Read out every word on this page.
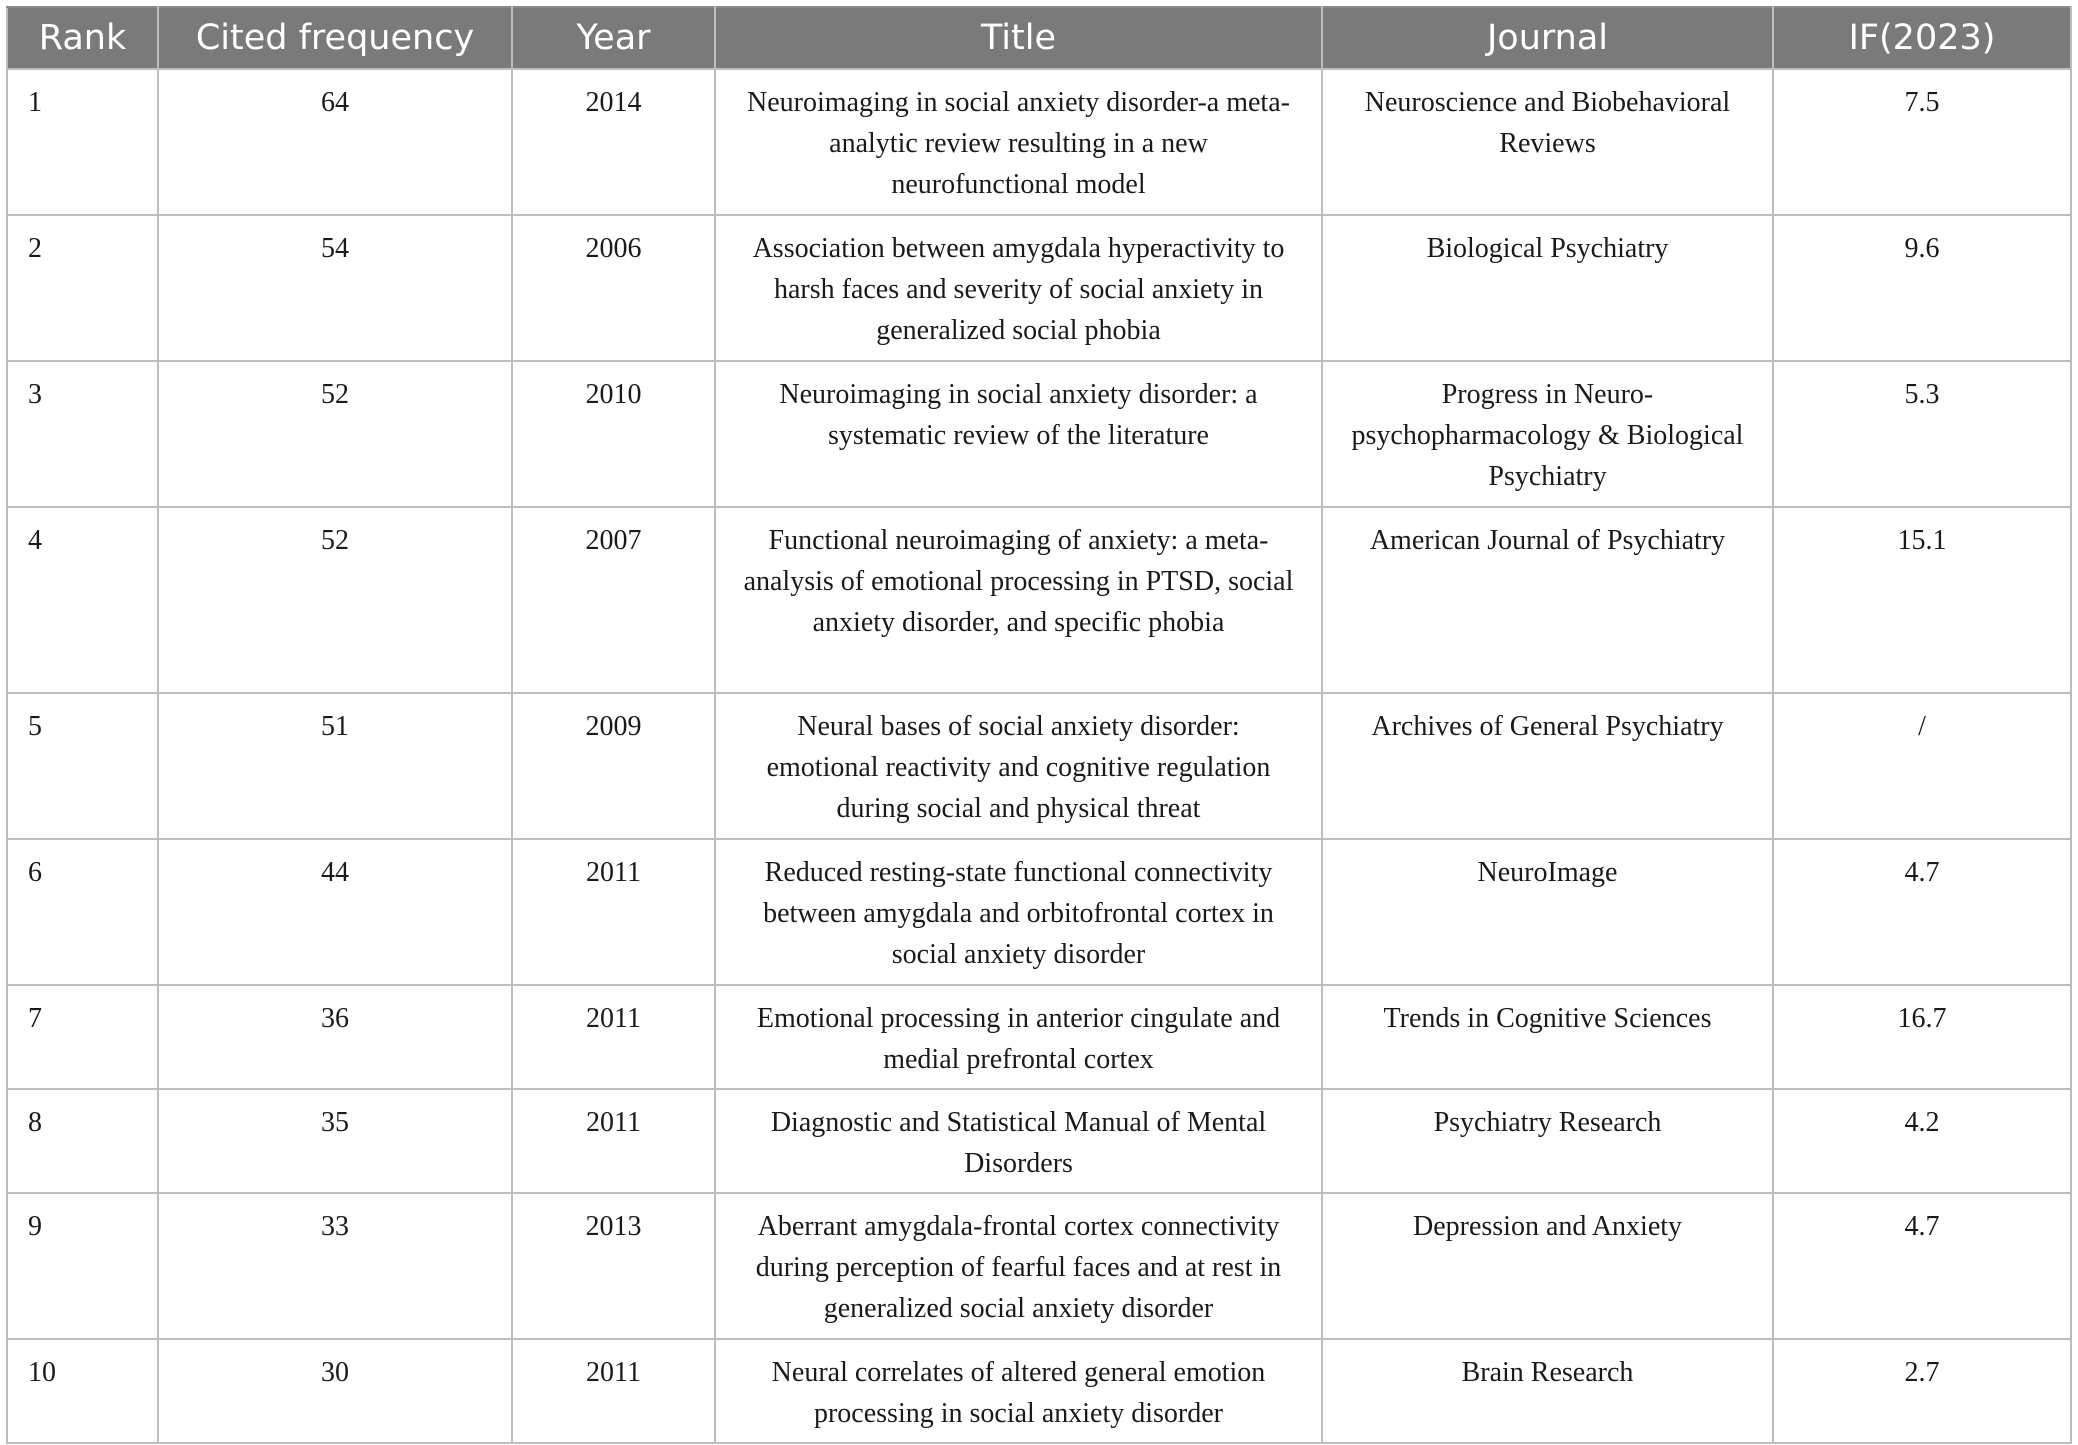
Rank	Cited frequency	Year	Title	Journal	IF(2023)
1	64	2014	Neuroimaging in social anxiety disorder-a meta-analytic review resulting in a new neurofunctional model	Neuroscience and Biobehavioral Reviews	7.5
2	54	2006	Association between amygdala hyperactivity to harsh faces and severity of social anxiety in generalized social phobia	Biological Psychiatry	9.6
3	52	2010	Neuroimaging in social anxiety disorder: a systematic review of the literature	Progress in Neuro-psychopharmacology & Biological Psychiatry	5.3
4	52	2007	Functional neuroimaging of anxiety: a meta-analysis of emotional processing in PTSD, social anxiety disorder, and specific phobia	American Journal of Psychiatry	15.1
5	51	2009	Neural bases of social anxiety disorder: emotional reactivity and cognitive regulation during social and physical threat	Archives of General Psychiatry	/
6	44	2011	Reduced resting-state functional connectivity between amygdala and orbitofrontal cortex in social anxiety disorder	NeuroImage	4.7
7	36	2011	Emotional processing in anterior cingulate and medial prefrontal cortex	Trends in Cognitive Sciences	16.7
8	35	2011	Diagnostic and Statistical Manual of Mental Disorders	Psychiatry Research	4.2
9	33	2013	Aberrant amygdala-frontal cortex connectivity during perception of fearful faces and at rest in generalized social anxiety disorder	Depression and Anxiety	4.7
10	30	2011	Neural correlates of altered general emotion processing in social anxiety disorder	Brain Research	2.7
